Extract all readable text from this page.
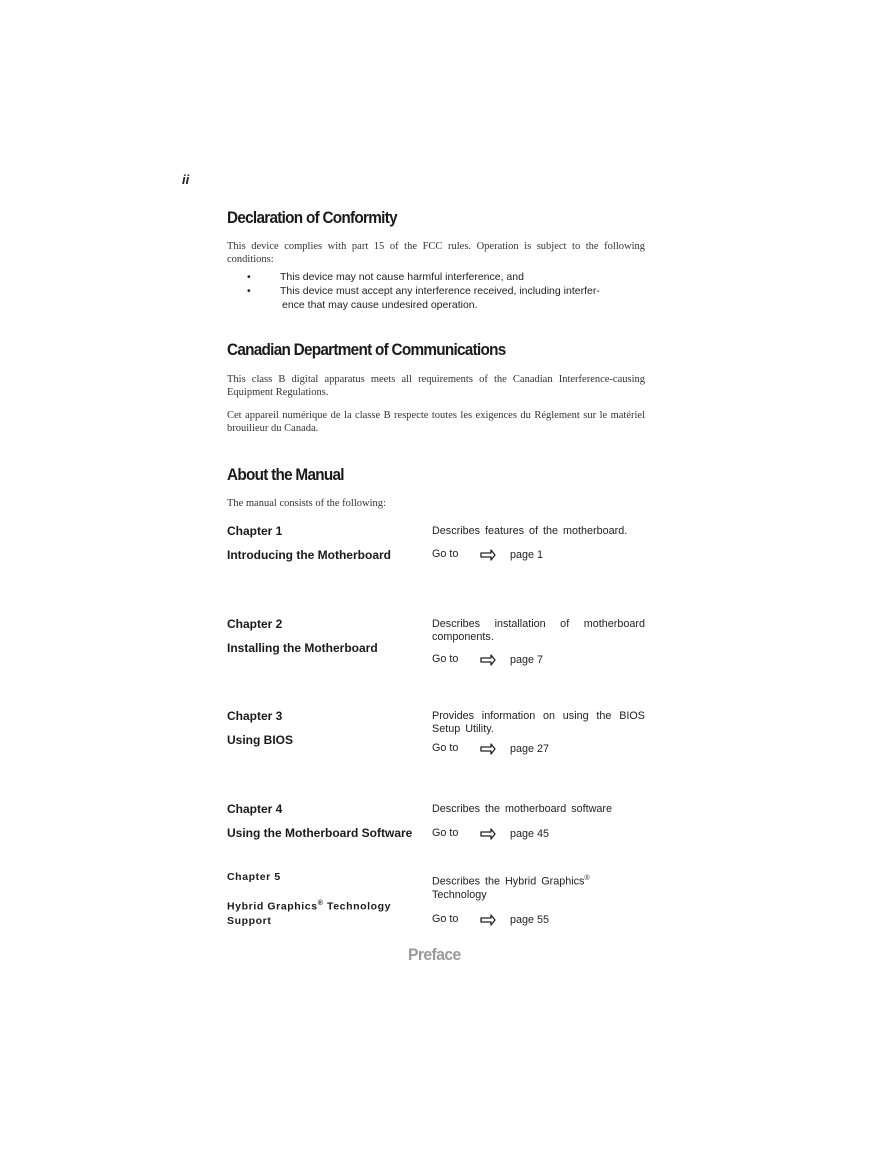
ii
Declaration of Conformity

This device complies with part 15 of the FCC rules. Operation is subject to the following conditions:

•	This device may not cause harmful interference, and
•	This device must accept any interference received, including interfer-
ence that may cause undesired operation.
Canadian Department of Communications

This class B digital apparatus meets all requirements of the Canadian Interference-causing Equipment Regulations.

Cet appareil numérique de la classe B respecte toutes les exigences du Réglement sur le matériel brouilieur du Canada.

About the Manual

The manual consists of the following:

Chapter 1
Introducing the Motherboard
Describes features of the motherboard.
Go to	page 1
Chapter 2
Installing the Motherboard
Describes installation of motherboard components.
Go to	page 7
Chapter 3
Using BIOS
Provides information on using the BIOS Setup Utility.
Go to	page 27
Chapter 4
Using the Motherboard Software
Describes the motherboard software
Go to	page 45
Chapter 5
Hybrid Graphics® Technology
Support
Describes the Hybrid Graphics®
Technology
Go to	page 55
Preface
